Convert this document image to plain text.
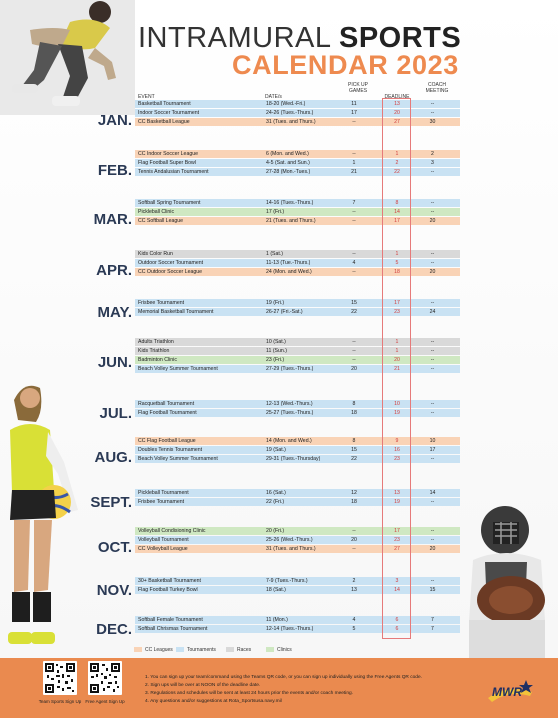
INTRAMURAL SPORTS
CALENDAR 2023
EVENT	DATE/s
PICK UP GAMES
DEADLINE
COACH MEETING
JAN.
Basketball Tournament	18-20 (Wed.-Fri.)	11	13	--
Indoor Soccer Tournament	24-26 (Tues.-Thurs.)	17	20	--
CC Basketball League	31 (Tues. and Thurs.)	--	27	30
FEB.
CC Indoor Soccer League	6 (Mon. and Wed.)	--	1	2
Flag Football Super Bowl	4-5 (Sat. and Sun.)	1	2	3
Tennis Andalusian Tournament	27-28 (Mon.-Tues.)	21	22	--
MAR.
Softball Spring Tournament	14-16 (Tues.-Thurs.)	7	8	--
Pickleball Clinic	17 (Fri.)	--	14	--
CC Softball League	21 (Tues. and Thurs.)	--	17	20
APR.
Kids Color Run	1 (Sat.)	--	1	--
Outdoor Soccer Tournament	11-13 (Tue.-Thurs.)	4	5	--
CC Outdoor Soccer League	24 (Mon. and Wed.)	--	18	20
MAY.
Frisbee Tournament	19 (Fri.)	15	17	--
Memorial Basketball Tournament	26-27 (Fri.-Sat.)	22	23	24
JUN.
Adults Triathlon	10 (Sat.)	--	1	--
Kids Triathlon	11 (Sun.)	--	1	--
Badminton Clinic	23 (Fri.)	--	20	--
Beach Volley Summer Tournament	27-29 (Tues.-Thurs.)	20	21	--
JUL.
Racquetball Tournament	12-13 (Wed.-Thurs.)	8	10	--
Flag Football Tournament	25-27 (Tues.-Thurs.)	18	19	--
AUG.
CC Flag Football League	14 (Mon. and Wed.)	8	9	10
Doubles Tennis Tournament	19 (Sat.)	15	16	17
Beach Volley Summer Tournament	29-31 (Tues.-Thursday)	22	23	--
SEPT.
Pickleball Tournament	16 (Sat.)	12	13	14
Frisbee Tournament	22 (Fri.)	18	19	--
OCT.
Volleyball Condisioning Clinic	20 (Fri.)	--	17	--
Volleyball Tournament	25-26 (Wed.-Thurs.)	20	23	--
CC Volleyball League	31 (Tues. and Thurs.)	--	27	20
NOV.
30+ Basketball Tournament	7-9 (Tues.-Thurs.)	2	3	--
Flag Football Turkey Bowl	18 (Sat.)	13	14	15
DEC.
Softball Female Tournament	11 (Mon.)	4	6	7
Softball Chrismas Tournament	12-14 (Tues.-Thurs.)	5	6	7
CC Leagues	Tournaments	Races	Clinics
Team Sports Sign Up Free Agent Sign Up
1. You can sign up your team/command using the Teams QR code, or you can sign up individually using the Free Agents QR code.
2. Sign ups will be over at NOON of the deadline date.
3. Regulations and schedules will be sent at least 24 hours prior the events and/or coach meeting.
4. Any questions and/or suggestions at Rota_Sportsusa.navy.mil
MWR
